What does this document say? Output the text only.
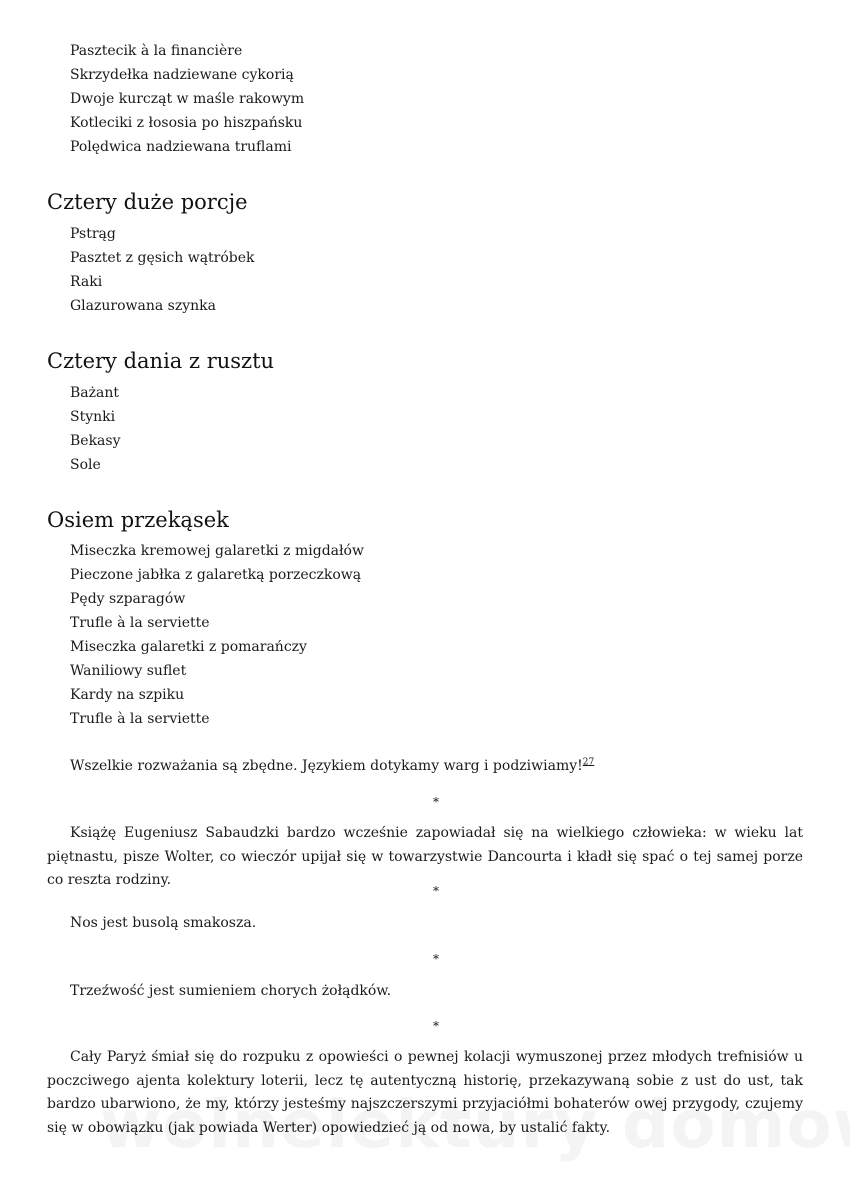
Pasztecik à la financière
Skrzydełka nadziewane cykorią
Dwoje kurcząt w maśle rakowym
Kotleciki z łososia po hiszpańsku
Polędwica nadziewana truflami
Cztery duże porcje
Pstrąg
Pasztet z gęsich wątróbek
Raki
Glazurowana szynka
Cztery dania z rusztu
Bażant
Stynki
Bekasy
Sole
Osiem przekąsek
Miseczka kremowej galaretki z migdałów
Pieczone jabłka z galaretką porzeczkową
Pędy szparagów
Trufle à la serviette
Miseczka galaretki z pomarańczy
Waniliowy suflet
Kardy na szpiku
Trufle à la serviette

Wszelkie rozważania są zbędne. Językiem dotykamy warg i podziwiamy!$^{27}$

*

Książę Eugeniusz Sabaudzki bardzo wcześnie zapowiadał się na wielkiego człowieka: w wieku lat piętnastu, pisze Wolter, co wieczór upijał się w towarzystwie Dancourta i kładł się spać o tej samej porze co reszta rodziny.

*

Nos jest busolą smakosza.

*

Trzeźwość jest sumieniem chorych żołądków.

*

Cały Paryż śmiał się do rozpuku z opowieści o pewnej kolacji wymuszonej przez młodych trefnisiów u poczciwego ajenta kolektury loterii, lecz tę autentyczną historię, przekazywaną sobie z ust do ust, tak bardzo ubarwiono, że my, którzy jesteśmy najszczerszymi przyjaciółmi bohaterów owej przygody, czujemy się w obowiązku (jak powiada Werter) opowiedzieć ją od nowa, by ustalić fakty.
